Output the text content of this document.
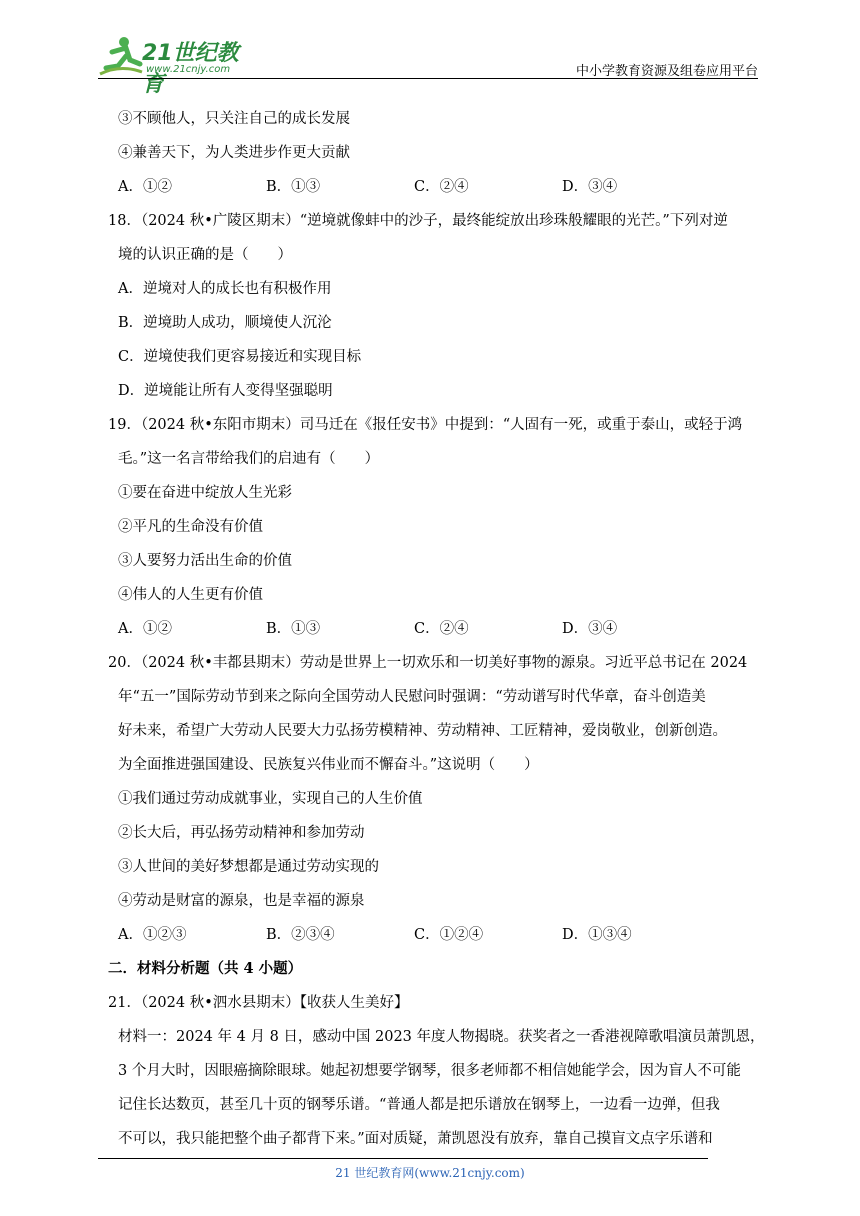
21世纪教育
www.21cnjy.com	中小学教育资源及组卷应用平台
③不顾他人，只关注自己的成长发展
④兼善天下，为人类进步作更大贡献
A．①②	B．①③	C．②④	D．③④
18．（2024 秋•广陵区期末）“逆境就像蚌中的沙子，最终能绽放出珍珠般耀眼的光芒。”下列对逆
境的认识正确的是（　　）
A．逆境对人的成长也有积极作用
B．逆境助人成功，顺境使人沉沦
C．逆境使我们更容易接近和实现目标
D．逆境能让所有人变得坚强聪明
19．（2024 秋•东阳市期末）司马迁在《报任安书》中提到：“人固有一死，或重于泰山，或轻于鸿
毛。”这一名言带给我们的启迪有（　　）
①要在奋进中绽放人生光彩
②平凡的生命没有价值
③人要努力活出生命的价值
④伟人的人生更有价值
A．①②	B．①③	C．②④	D．③④
20．（2024 秋•丰都县期末）劳动是世界上一切欢乐和一切美好事物的源泉。习近平总书记在 2024
年“五一”国际劳动节到来之际向全国劳动人民慰问时强调：“劳动谱写时代华章，奋斗创造美
好未来，希望广大劳动人民要大力弘扬劳模精神、劳动精神、工匠精神，爱岗敬业，创新创造。
为全面推进强国建设、民族复兴伟业而不懈奋斗。”这说明（　　）
①我们通过劳动成就事业，实现自己的人生价值
②长大后，再弘扬劳动精神和参加劳动
③人世间的美好梦想都是通过劳动实现的
④劳动是财富的源泉，也是幸福的源泉
A．①②③	B．②③④	C．①②④	D．①③④
二．材料分析题（共 4 小题）
21．（2024 秋•泗水县期末）【收获人生美好】
材料一：2024 年 4 月 8 日，感动中国 2023 年度人物揭晓。获奖者之一香港视障歌唱演员萧凯恩，
3 个月大时，因眼癌摘除眼球。她起初想要学钢琴，很多老师都不相信她能学会，因为盲人不可能
记住长达数页，甚至几十页的钢琴乐谱。“普通人都是把乐谱放在钢琴上，一边看一边弹，但我
不可以，我只能把整个曲子都背下来。”面对质疑，萧凯恩没有放弃，靠自己摸盲文点字乐谱和
21 世纪教育网(www.21cnjy.com)
